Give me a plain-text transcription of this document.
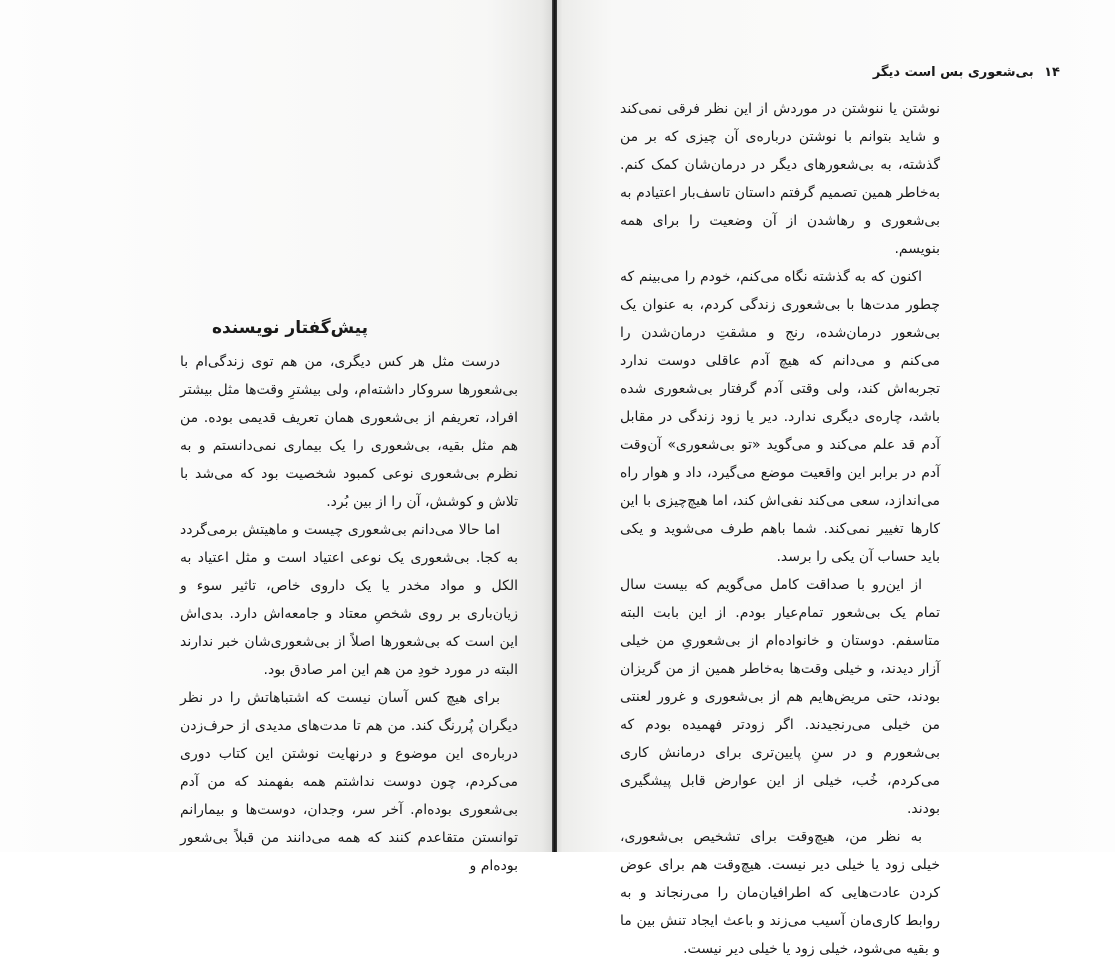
پیش‌گفتار نویسنده

درست مثل هر کس دیگری، من هم توی زندگی‌ام با بی‌شعورها سروکار داشته‌ام، ولی بیشترِ وقت‌ها مثل بیشتر افراد، تعریفم از بی‌شعوری همان تعریف قدیمی بوده. من هم مثل بقیه، بی‌شعوری را یک بیماری نمی‌دانستم و به نظرم بی‌شعوری نوعی کمبود شخصیت بود که می‌شد با تلاش و کوشش، آن را از بین بُرد.

اما حالا می‌دانم بی‌شعوری چیست و ماهیتش برمی‌گردد به کجا. بی‌شعوری یک نوعی اعتیاد است و مثل اعتیاد به الکل و مواد مخدر یا یک داروی خاص، تاثیر سوء و زیان‌باری بر روی شخصِ معتاد و جامعه‌اش دارد. بدی‌اش این است که بی‌شعورها اصلاً از بی‌شعوری‌شان خبر ندارند البته در مورد خودِ من هم این امر صادق بود.

برای هیچ کس آسان نیست که اشتباهاتش را در نظر دیگران پُررنگ کند. من هم تا مدت‌های مدیدی از حرف‌زدن درباره‌ی این موضوع و درنهایت نوشتن این کتاب دوری می‌کردم، چون دوست نداشتم همه بفهمند که من آدم بی‌شعوری بوده‌ام. آخر سر، وجدان، دوست‌ها و بیمارانم توانستن متقاعدم کنند که همه می‌دانند من قبلاً بی‌شعور بوده‌ام و

۱۴ بی‌شعوری بس است دیگر

نوشتن یا ننوشتن در موردش از این نظر فرقی نمی‌کند و شاید بتوانم با نوشتن درباره‌ی آن چیزی که بر من گذشته، به بی‌شعورهای دیگر در درمان‌شان کمک کنم. به‌خاطر همین تصمیم گرفتم داستان تاسف‌بار اعتیادم به بی‌شعوری و رهاشدن از آن وضعیت را برای همه بنویسم.

اکنون که به گذشته نگاه می‌کنم، خودم را می‌بینم که چطور مدت‌ها با بی‌شعوری زندگی کردم، به عنوان یک بی‌شعور درمان‌شده، رنج و مشقتِ درمان‌شدن را می‌کنم و می‌دانم که هیچ آدم عاقلی دوست ندارد تجربه‌اش کند، ولی وقتی آدم گرفتار بی‌شعوری شده باشد، چاره‌ی دیگری ندارد. دیر یا زود زندگی در مقابل آدم قد علم می‌کند و می‌گوید «تو بی‌شعوری» آن‌وقت آدم در برابر این واقعیت موضع می‌گیرد، داد و هوار راه می‌اندازد، سعی می‌کند نفی‌اش کند، اما هیچ‌چیزی با این کارها تغییر نمی‌کند. شما باهم طرف می‌شوید و یکی باید حساب آن یکی را برسد.

از این‌رو با صداقت کامل می‌گویم که بیست سال تمام یک بی‌شعور تمام‌عیار بودم. از این بابت البته متاسفم. دوستان و خانواده‌ام از بی‌شعوریِ من خیلی آزار دیدند، و خیلی وقت‌ها به‌خاطر همین از من گریزان بودند، حتی مریض‌هایم هم از بی‌شعوری و غرور لعنتی من خیلی می‌رنجیدند. اگر زودتر فهمیده بودم که بی‌شعورم و در سنِ پایین‌تری برای درمانش کاری می‌کردم، خُب، خیلی از این عوارض قابل پیشگیری بودند.

به نظر من، هیچ‌وقت برای تشخیص بی‌شعوری، خیلی زود یا خیلی دیر نیست. هیچ‌وقت هم برای عوض کردن عادت‌هایی که اطرافیان‌مان را می‌رنجاند و به روابط کاری‌مان آسیب می‌زند و باعث ایجاد تنش بین ما و بقیه می‌شود، خیلی زود یا خیلی دیر نیست.
